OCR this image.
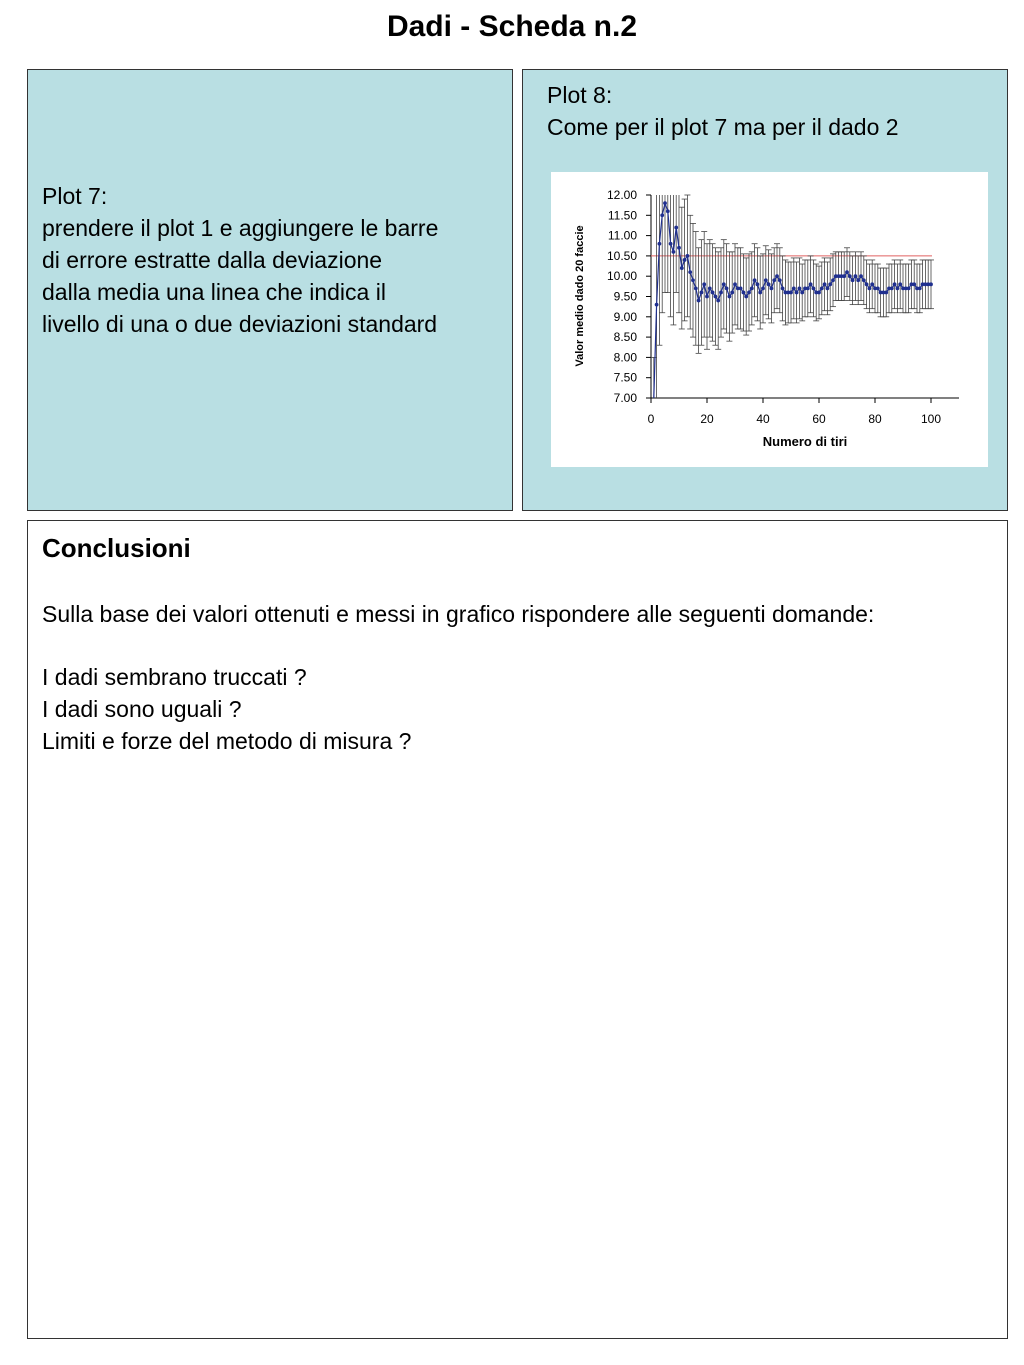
Dadi - Scheda n.2
Plot 7:
prendere il plot 1 e aggiungere le barre
di errore estratte dalla deviazione
dalla media una linea che indica il
livello di una o due deviazioni standard
Plot 8:
Come per il plot 7 ma per il dado 2
7.00
7.50
8.00
8.50
9.00
9.50
10.00
10.50
11.00
11.50
12.00
0	20	40	60	80	100
Numero di tiri
Valor medio dado 20 faccie
Conclusioni
Sulla base dei valori ottenuti e messi in grafico rispondere alle seguenti domande:
I dadi sembrano truccati ?
I dadi sono uguali ?
Limiti e forze del metodo di misura ?
